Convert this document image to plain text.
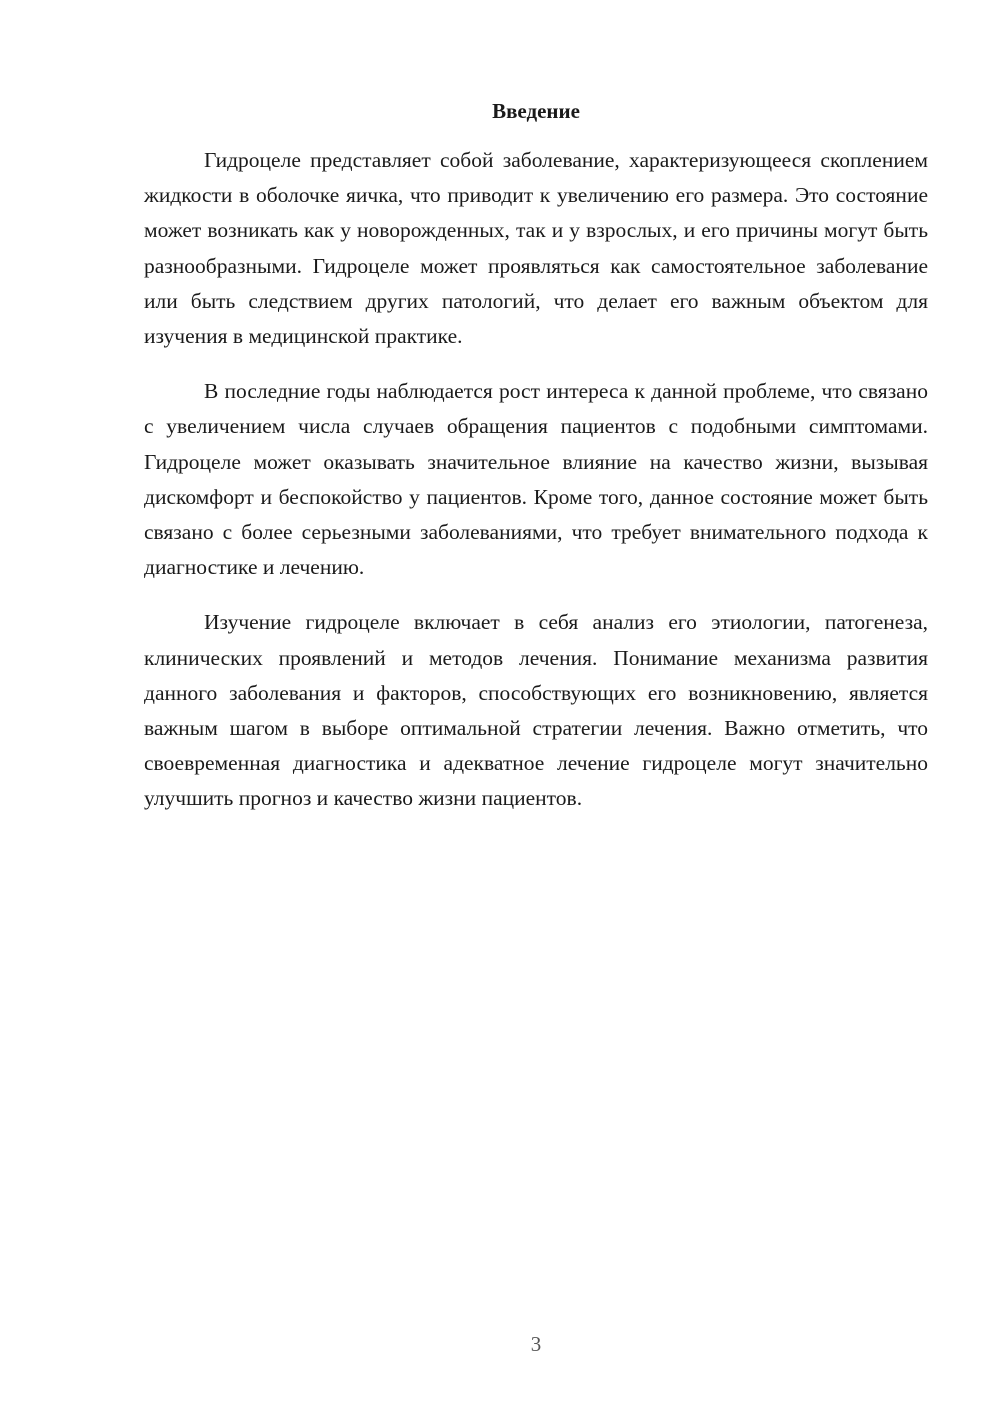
Введение

Гидроцеле представляет собой заболевание, характеризующееся скоплением жидкости в оболочке яичка, что приводит к увеличению его размера. Это состояние может возникать как у новорожденных, так и у взрослых, и его причины могут быть разнообразными. Гидроцеле может проявляться как самостоятельное заболевание или быть следствием других патологий, что делает его важным объектом для изучения в медицинской практике.

В последние годы наблюдается рост интереса к данной проблеме, что связано с увеличением числа случаев обращения пациентов с подобными симптомами. Гидроцеле может оказывать значительное влияние на качество жизни, вызывая дискомфорт и беспокойство у пациентов. Кроме того, данное состояние может быть связано с более серьезными заболеваниями, что требует внимательного подхода к диагностике и лечению.

Изучение гидроцеле включает в себя анализ его этиологии, патогенеза, клинических проявлений и методов лечения. Понимание механизма развития данного заболевания и факторов, способствующих его возникновению, является важным шагом в выборе оптимальной стратегии лечения. Важно отметить, что своевременная диагностика и адекватное лечение гидроцеле могут значительно улучшить прогноз и качество жизни пациентов.

3
